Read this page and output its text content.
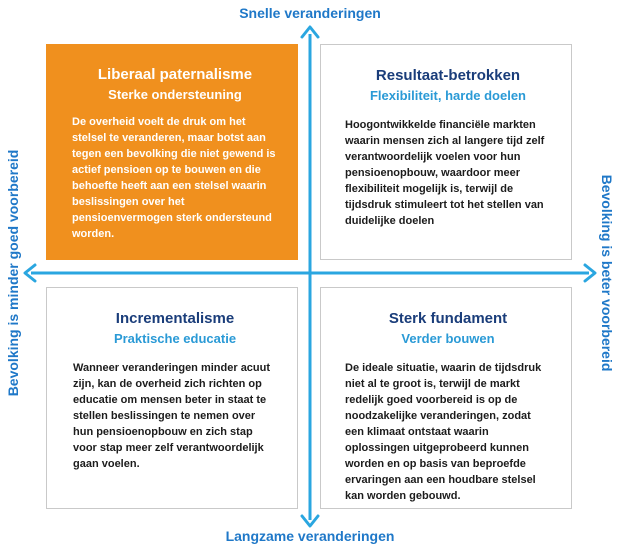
Snelle veranderingen
Langzame veranderingen
Bevolking is minder goed voorbereid	Bevolking is beter voorbereid
Liberaal paternalisme
Sterke ondersteuning
De overheid voelt de druk om het stelsel te veranderen, maar botst aan tegen een bevolking die niet gewend is actief pensioen op te bouwen en die behoefte heeft aan een stelsel waarin beslissingen over het pensioenvermogen sterk ondersteund worden.
Resultaat-betrokken
Flexibiliteit, harde doelen
Hoogontwikkelde financiële markten waarin mensen zich al langere tijd zelf verantwoordelijk voelen voor hun pensioenopbouw, waardoor meer flexibiliteit mogelijk is, terwijl de tijdsdruk stimuleert tot het stellen van duidelijke doelen
Incrementalisme
Praktische educatie
Wanneer veranderingen minder acuut zijn, kan de overheid zich richten op educatie om mensen beter in staat te stellen beslissingen te nemen over hun pensioenopbouw en zich stap voor stap meer zelf verantwoordelijk gaan voelen.
Sterk fundament
Verder bouwen
De ideale situatie, waarin de tijdsdruk niet al te groot is, terwijl de markt redelijk goed voorbereid is op de noodzakelijke veranderingen, zodat een klimaat ontstaat waarin oplossingen uitgeprobeerd kunnen worden en op basis van beproefde ervaringen aan een houdbare stelsel kan worden gebouwd.
